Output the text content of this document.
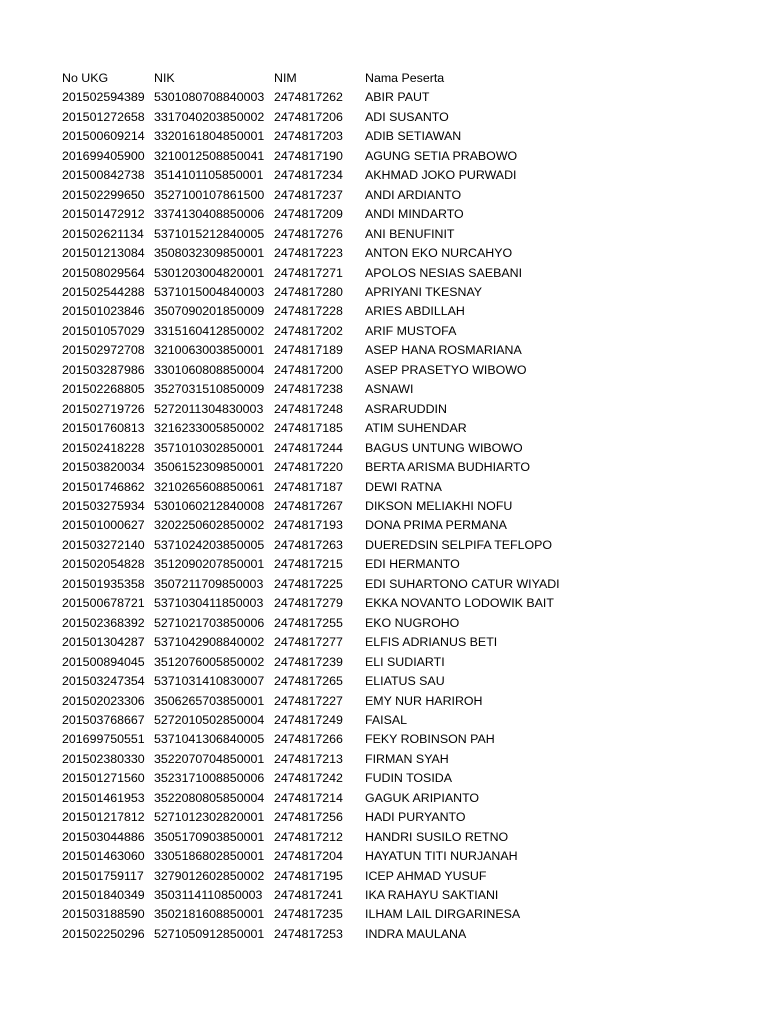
No UKG	NIK	NIM	Nama Peserta
201502594389	5301080708840003	2474817262	ABIR PAUT
201501272658	3317040203850002	2474817206	ADI SUSANTO
201500609214	3320161804850001	2474817203	ADIB SETIAWAN
201699405900	3210012508850041	2474817190	AGUNG SETIA PRABOWO
201500842738	3514101105850001	2474817234	AKHMAD JOKO PURWADI
201502299650	3527100107861500	2474817237	ANDI ARDIANTO
201501472912	3374130408850006	2474817209	ANDI MINDARTO
201502621134	5371015212840005	2474817276	ANI BENUFINIT
201501213084	3508032309850001	2474817223	ANTON EKO NURCAHYO
201508029564	5301203004820001	2474817271	APOLOS NESIAS SAEBANI
201502544288	5371015004840003	2474817280	APRIYANI TKESNAY
201501023846	3507090201850009	2474817228	ARIES ABDILLAH
201501057029	3315160412850002	2474817202	ARIF MUSTOFA
201502972708	3210063003850001	2474817189	ASEP HANA ROSMARIANA
201503287986	3301060808850004	2474817200	ASEP PRASETYO WIBOWO
201502268805	3527031510850009	2474817238	ASNAWI
201502719726	5272011304830003	2474817248	ASRARUDDIN
201501760813	3216233005850002	2474817185	ATIM SUHENDAR
201502418228	3571010302850001	2474817244	BAGUS UNTUNG WIBOWO
201503820034	3506152309850001	2474817220	BERTA ARISMA BUDHIARTO
201501746862	3210265608850061	2474817187	DEWI RATNA
201503275934	5301060212840008	2474817267	DIKSON MELIAKHI NOFU
201501000627	3202250602850002	2474817193	DONA PRIMA PERMANA
201503272140	5371024203850005	2474817263	DUEREDSIN SELPIFA TEFLOPO
201502054828	3512090207850001	2474817215	EDI HERMANTO
201501935358	3507211709850003	2474817225	EDI SUHARTONO CATUR WIYADI
201500678721	5371030411850003	2474817279	EKKA NOVANTO LODOWIK BAIT
201502368392	5271021703850006	2474817255	EKO NUGROHO
201501304287	5371042908840002	2474817277	ELFIS ADRIANUS BETI
201500894045	3512076005850002	2474817239	ELI SUDIARTI
201503247354	5371031410830007	2474817265	ELIATUS SAU
201502023306	3506265703850001	2474817227	EMY NUR HARIROH
201503768667	5272010502850004	2474817249	FAISAL
201699750551	5371041306840005	2474817266	FEKY ROBINSON PAH
201502380330	3522070704850001	2474817213	FIRMAN SYAH
201501271560	3523171008850006	2474817242	FUDIN TOSIDA
201501461953	3522080805850004	2474817214	GAGUK ARIPIANTO
201501217812	5271012302820001	2474817256	HADI PURYANTO
201503044886	3505170903850001	2474817212	HANDRI SUSILO RETNO
201501463060	3305186802850001	2474817204	HAYATUN TITI NURJANAH
201501759117	3279012602850002	2474817195	ICEP AHMAD YUSUF
201501840349	3503114110850003	2474817241	IKA RAHAYU SAKTIANI
201503188590	3502181608850001	2474817235	ILHAM LAIL DIRGARINESA
201502250296	5271050912850001	2474817253	INDRA MAULANA
